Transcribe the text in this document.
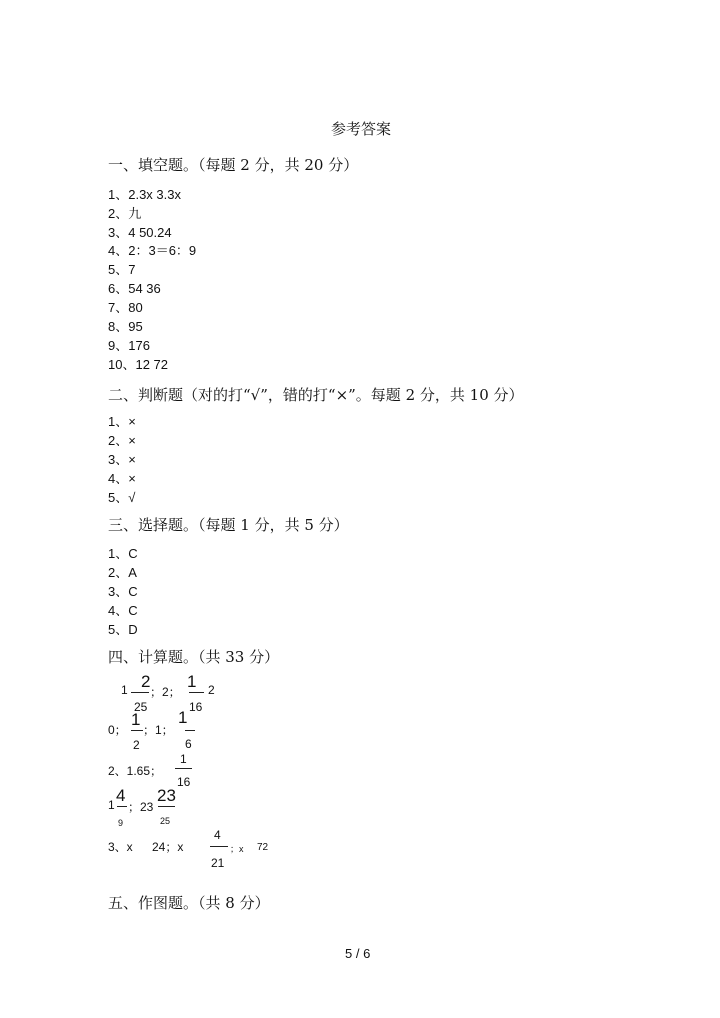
参考答案
一、填空题。（每题 2 分，共 20 分）
1、2.3x 3.3x
2、九
3、4 50.24
4、2：3＝6：9
5、7
6、54 36
7、80
8、95
9、176
10、12 72
二、判断题（对的打“√”，错的打“×”。每题 2 分，共 10 分）
1、×
2、×
3、×
4、×
5、√
三、选择题。（每题 1 分，共 5 分）
1、C
2、A
3、C
4、C
5、D
四、计算题。（共 33 分）
1 2
25
；2；
1
16
2
0；
1
2
；1；
1
6
2、1.65；
1
16
1 4
9
；23
23
25
3、x 24；x
4
21
；x 72
五、作图题。（共 8 分）
5 / 6
